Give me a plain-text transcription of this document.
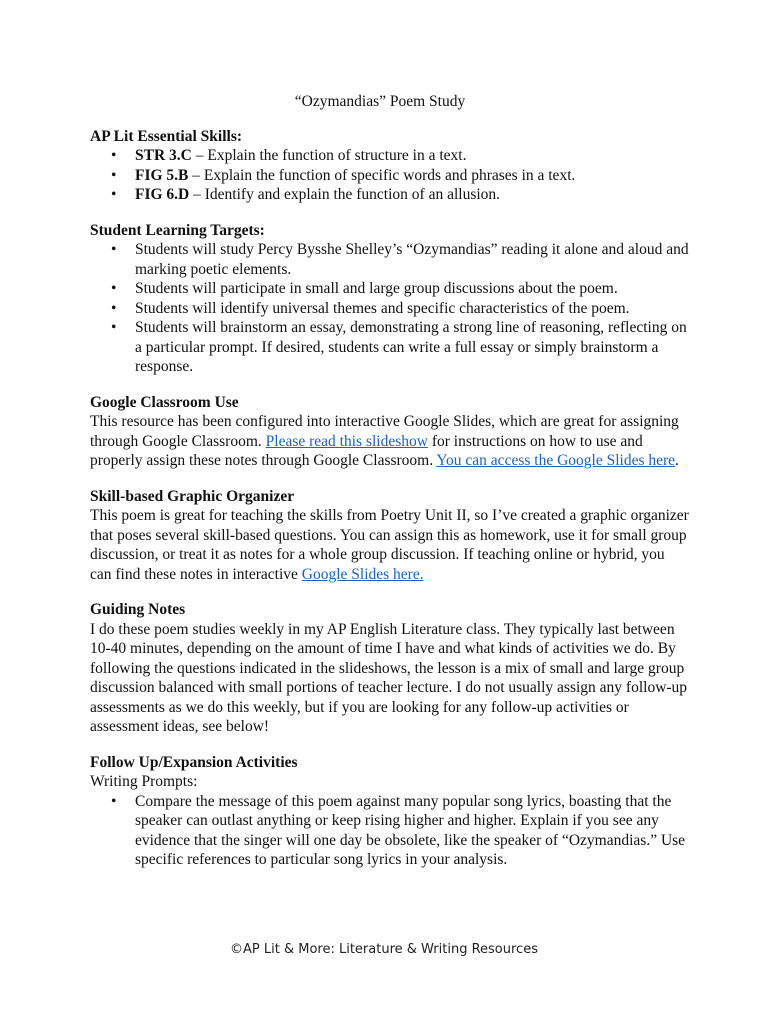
“Ozymandias” Poem Study

AP Lit Essential Skills:

• STR 3.C – Explain the function of structure in a text.
• FIG 5.B – Explain the function of specific words and phrases in a text.
• FIG 6.D – Identify and explain the function of an allusion.

Student Learning Targets:

• Students will study Percy Bysshe Shelley’s “Ozymandias” reading it alone and aloud and marking poetic elements.
• Students will participate in small and large group discussions about the poem.
• Students will identify universal themes and specific characteristics of the poem.
• Students will brainstorm an essay, demonstrating a strong line of reasoning, reflecting on a particular prompt. If desired, students can write a full essay or simply brainstorm a response.

Google Classroom Use

This resource has been configured into interactive Google Slides, which are great for assigning through Google Classroom. Please read this slideshow for instructions on how to use and properly assign these notes through Google Classroom. You can access the Google Slides here.

Skill-based Graphic Organizer

This poem is great for teaching the skills from Poetry Unit II, so I’ve created a graphic organizer that poses several skill-based questions. You can assign this as homework, use it for small group discussion, or treat it as notes for a whole group discussion. If teaching online or hybrid, you can find these notes in interactive Google Slides here.

Guiding Notes

I do these poem studies weekly in my AP English Literature class. They typically last between 10-40 minutes, depending on the amount of time I have and what kinds of activities we do. By following the questions indicated in the slideshows, the lesson is a mix of small and large group discussion balanced with small portions of teacher lecture. I do not usually assign any follow-up assessments as we do this weekly, but if you are looking for any follow-up activities or assessment ideas, see below!

Follow Up/Expansion Activities

Writing Prompts:

• Compare the message of this poem against many popular song lyrics, boasting that the speaker can outlast anything or keep rising higher and higher. Explain if you see any evidence that the singer will one day be obsolete, like the speaker of “Ozymandias.” Use specific references to particular song lyrics in your analysis.
©AP Lit & More: Literature & Writing Resources
